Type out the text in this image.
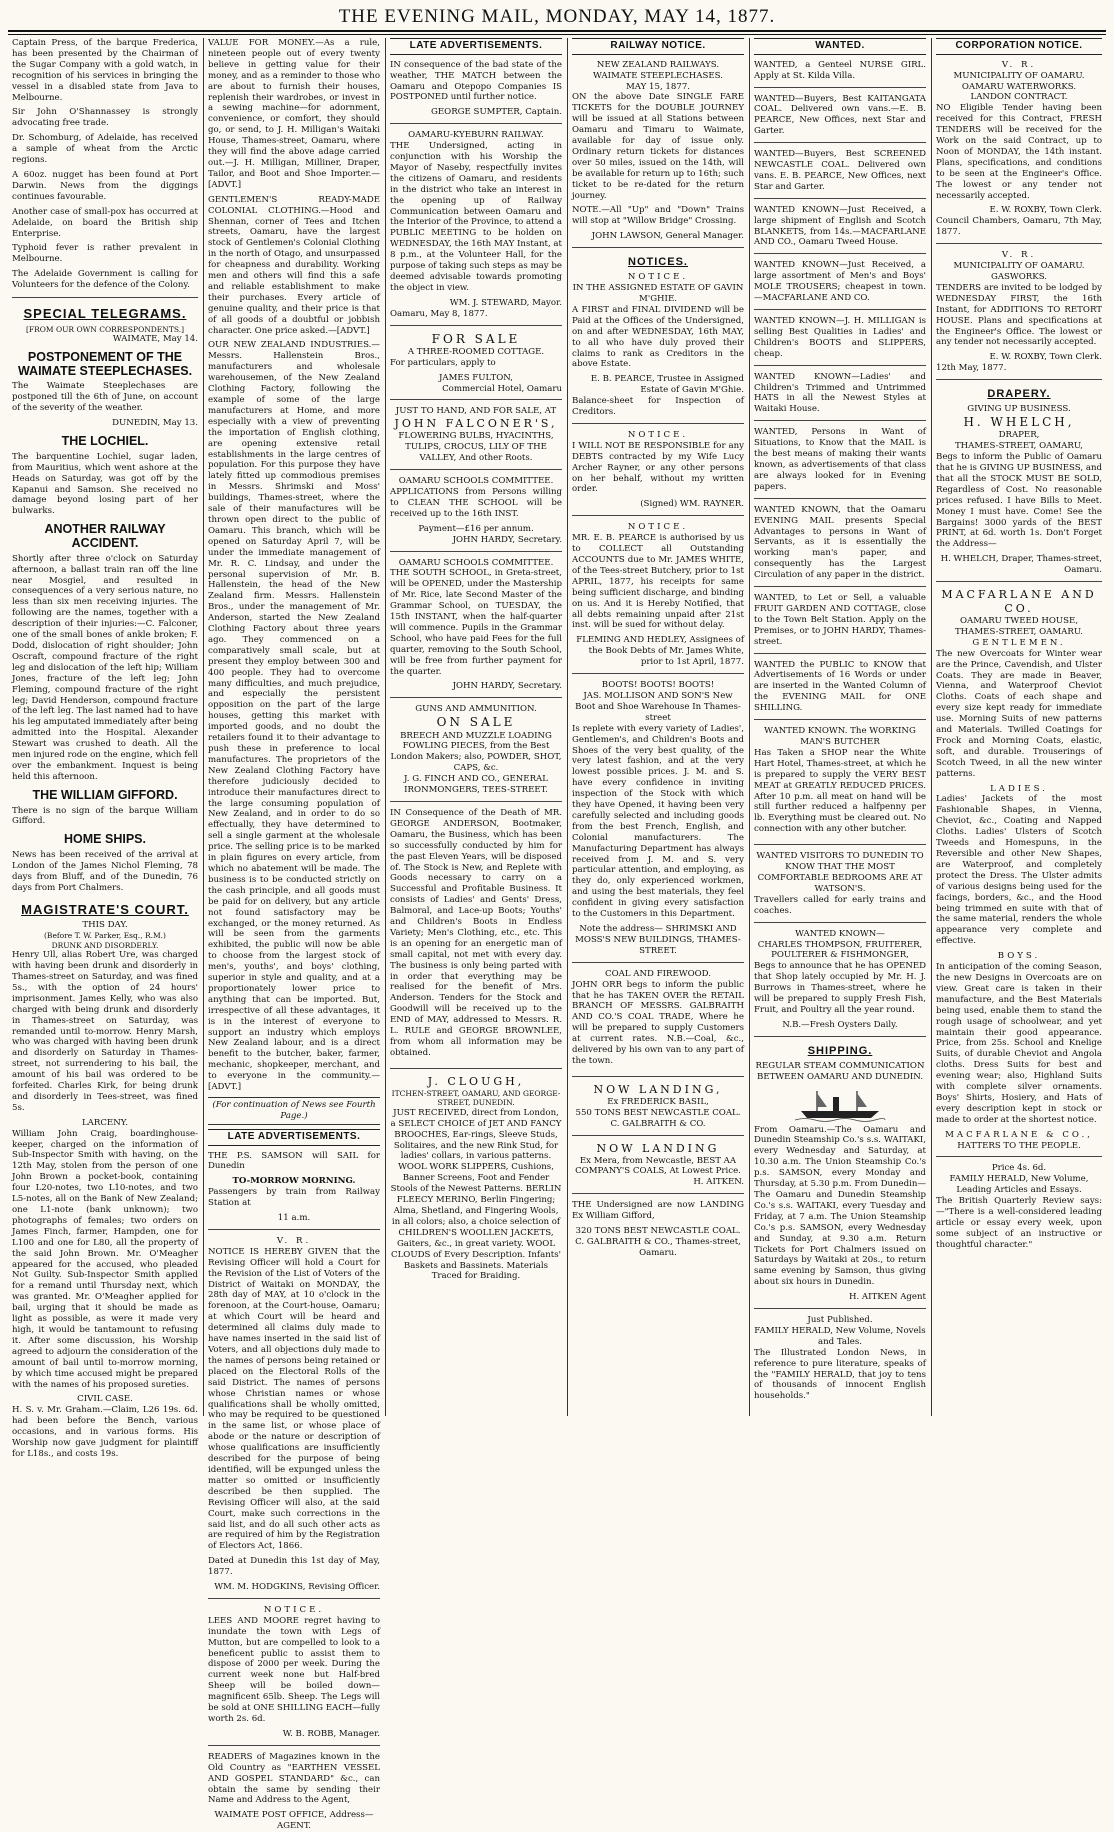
THE EVENING MAIL, MONDAY, MAY 14, 1877.

Captain Press, of the barque Frederica, has been presented by the Chairman of the Sugar Company with a gold watch, in recognition of his services in bringing the vessel in a disabled state from Java to Melbourne.

Sir John O'Shannassey is strongly advocating free trade.

Dr. Schomburg, of Adelaide, has received a sample of wheat from the Arctic regions.

A 60oz. nugget has been found at Port Darwin. News from the diggings continues favourable.

Another case of small-pox has occurred at Adelaide, on board the British ship Enterprise.

Typhoid fever is rather prevalent in Melbourne.

The Adelaide Government is calling for Volunteers for the defence of the Colony.

SPECIAL TELEGRAMS.
[FROM OUR OWN CORRESPONDENTS.]
WAIMATE, May 14.
POSTPONEMENT OF THE WAIMATE STEEPLECHASES.

The Waimate Steeplechases are postponed till the 6th of June, on account of the severity of the weather.

DUNEDIN, May 13.
THE LOCHIEL.

The barquentine Lochiel, sugar laden, from Mauritius, which went ashore at the Heads on Saturday, was got off by the Kapanui and Samson. She received no damage beyond losing part of her bulwarks.

ANOTHER RAILWAY ACCIDENT.

Shortly after three o'clock on Saturday afternoon, a ballast train ran off the line near Mosgiel, and resulted in consequences of a very serious nature, no less than six men receiving injuries. The following are the names, together with a description of their injuries:—C. Falconer, one of the small bones of ankle broken; F. Dodd, dislocation of right shoulder; John Oscraft, compound fracture of the right leg and dislocation of the left hip; William Jones, fracture of the left leg; John Fleming, compound fracture of the right leg; David Henderson, compound fracture of the left leg. The last named had to have his leg amputated immediately after being admitted into the Hospital. Alexander Stewart was crushed to death. All the men injured rode on the engine, which fell over the embankment. Inquest is being held this afternoon.

THE WILLIAM GIFFORD.

There is no sign of the barque William Gifford.

HOME SHIPS.

News has been received of the arrival at London of the James Nichol Fleming, 78 days from Bluff, and of the Dunedin, 76 days from Port Chalmers.

MAGISTRATE'S COURT.
THIS DAY.
(Before T. W. Parker, Esq., R.M.)
DRUNK AND DISORDERLY.

Henry Ull, alias Robert Ure, was charged with having been drunk and disorderly in Thames-street on Saturday, and was fined 5s., with the option of 24 hours' imprisonment. James Kelly, who was also charged with being drunk and disorderly in Thames-street on Saturday, was remanded until to-morrow. Henry Marsh, who was charged with having been drunk and disorderly on Saturday in Thames-street, not surrendering to his bail, the amount of his bail was ordered to be forfeited. Charles Kirk, for being drunk and disorderly in Tees-street, was fined 5s.

LARCENY.

William John Craig, boardinghouse-keeper, charged on the information of Sub-Inspector Smith with having, on the 12th May, stolen from the person of one John Brown a pocket-book, containing four L20-notes, two L10-notes, and two L5-notes, all on the Bank of New Zealand; one L1-note (bank unknown); two photographs of females; two orders on James Finch, farmer, Hampden, one for L100 and one for L80, all the property of the said John Brown. Mr. O'Meagher appeared for the accused, who pleaded Not Guilty. Sub-Inspector Smith applied for a remand until Thursday next, which was granted. Mr. O'Meagher applied for bail, urging that it should be made as light as possible, as were it made very high, it would be tantamount to refusing it. After some discussion, his Worship agreed to adjourn the consideration of the amount of bail until to-morrow morning, by which time accused might be prepared with the names of his proposed sureties.

CIVIL CASE.

H. S. v. Mr. Graham.—Claim, L26 19s. 6d. had been before the Bench, various occasions, and in various forms. His Worship now gave judgment for plaintiff for L18s., and costs 19s.

VALUE FOR MONEY.—As a rule, nineteen people out of every twenty believe in getting value for their money, and as a reminder to those who are about to furnish their houses, replenish their wardrobes, or invest in a sewing machine—for adornment, convenience, or comfort, they should go, or send, to J. H. Milligan's Waitaki House, Thames-street, Oamaru, where they will find the above adage carried out.—J. H. Milligan, Milliner, Draper, Tailor, and Boot and Shoe Importer.—[ADVT.]

GENTLEMEN'S READY-MADE COLONIAL CLOTHING.—Hood and Shennan, corner of Tees and Itchen streets, Oamaru, have the largest stock of Gentlemen's Colonial Clothing in the north of Otago, and unsurpassed for cheapness and durability. Working men and others will find this a safe and reliable establishment to make their purchases. Every article of genuine quality, and their price is that of all goods of a doubtful or jobbish character. One price asked.—[ADVT.]

OUR NEW ZEALAND INDUSTRIES.—Messrs. Hallenstein Bros., manufacturers and wholesale warehousemen, of the New Zealand Clothing Factory, following the example of some of the large manufacturers at Home, and more especially with a view of preventing the importation of English clothing, are opening extensive retail establishments in the large centres of population. For this purpose they have lately fitted up commodious premises in Messrs. Shrimski and Moss' buildings, Thames-street, where the sale of their manufactures will be thrown open direct to the public of Oamaru. This branch, which will be opened on Saturday April 7, will be under the immediate management of Mr. R. C. Lindsay, and under the personal supervision of Mr. B. Hallenstein, the head of the New Zealand firm. Messrs. Hallenstein Bros., under the management of Mr. Anderson, started the New Zealand Clothing Factory about three years ago. They commenced on a comparatively small scale, but at present they employ between 300 and 400 people. They had to overcome many difficulties, and much prejudice, and especially the persistent opposition on the part of the large houses, getting this market with imported goods, and no doubt the retailers found it to their advantage to push these in preference to local manufactures. The proprietors of the New Zealand Clothing Factory have therefore judiciously decided to introduce their manufactures direct to the large consuming population of New Zealand, and in order to do so effectually, they have determined to sell a single garment at the wholesale price. The selling price is to be marked in plain figures on every article, from which no abatement will be made. The business is to be conducted strictly on the cash principle, and all goods must be paid for on delivery, but any article not found satisfactory may be exchanged, or the money returned. As will be seen from the garments exhibited, the public will now be able to choose from the largest stock of men's, youths', and boys' clothing, superior in style and quality, and at a proportionately lower price to anything that can be imported. But, irrespective of all these advantages, it is in the interest of everyone to support an industry which employs New Zealand labour, and is a direct benefit to the butcher, baker, farmer, mechanic, shopkeeper, merchant, and to everyone in the community.—[ADVT.]

(For continuation of News see Fourth Page.)
LATE ADVERTISEMENTS.

THE P.S. SAMSON will SAIL for Dunedin

TO-MORROW MORNING.

Passengers by train from Railway Station at

11 a.m.
V. R.

NOTICE IS HEREBY GIVEN that the Revising Officer will hold a Court for the Revision of the List of Voters of the District of Waitaki on MONDAY, the 28th day of MAY, at 10 o'clock in the forenoon, at the Court-house, Oamaru; at which Court will be heard and determined all claims duly made to have names inserted in the said list of Voters, and all objections duly made to the names of persons being retained or placed on the Electoral Rolls of the said District. The names of persons whose Christian names or whose qualifications shall be wholly omitted, who may be required to be questioned in the same list, or whose place of abode or the nature or description of whose qualifications are insufficiently described for the purpose of being identified, will be expunged unless the matter so omitted or insufficiently described be then supplied. The Revising Officer will also, at the said Court, make such corrections in the said list, and do all such other acts as are required of him by the Registration of Electors Act, 1866.

Dated at Dunedin this 1st day of May, 1877.

WM. M. HODGKINS, Revising Officer.
NOTICE.

LEES AND MOORE regret having to inundate the town with Legs of Mutton, but are compelled to look to a beneficent public to assist them to dispose of 2000 per week. During the current week none but Half-bred Sheep will be boiled down—magnificent 65lb. Sheep. The Legs will be sold at ONE SHILLING EACH—fully worth 2s. 6d.

W. B. ROBB, Manager.

READERS of Magazines known in the Old Country as "EARTHEN VESSEL AND GOSPEL STANDARD" &c., can obtain the same by sending their Name and Address to the Agent,

WAIMATE POST OFFICE, Address—AGENT.
LATE ADVERTISEMENTS.

IN consequence of the bad state of the weather, THE MATCH between the Oamaru and Otepopo Companies IS POSTPONED until further notice.

GEORGE SUMPTER, Captain.
OAMARU-KYEBURN RAILWAY.

THE Undersigned, acting in conjunction with his Worship the Mayor of Naseby, respectfully invites the citizens of Oamaru, and residents in the district who take an interest in the opening up of Railway Communication between Oamaru and the Interior of the Province, to attend a PUBLIC MEETING to be holden on WEDNESDAY, the 16th MAY Instant, at 8 p.m., at the Volunteer Hall, for the purpose of taking such steps as may be deemed advisable towards promoting the object in view.

WM. J. STEWARD, Mayor.
Oamaru, May 8, 1877.
FOR SALE
A THREE-ROOMED COTTAGE.

For particulars, apply to

JAMES FULTON,
Commercial Hotel, Oamaru
JUST TO HAND, AND FOR SALE, AT
JOHN FALCONER'S,
FLOWERING BULBS, HYACINTHS, TULIPS, CROCUS, LILY OF THE VALLEY, And other Roots.
OAMARU SCHOOLS COMMITTEE.

APPLICATIONS from Persons willing to CLEAN THE SCHOOL will be received up to the 16th INST.

Payment—£16 per annum.
JOHN HARDY, Secretary.
OAMARU SCHOOLS COMMITTEE.

THE SOUTH SCHOOL, in Greta-street, will be OPENED, under the Mastership of Mr. Rice, late Second Master of the Grammar School, on TUESDAY, the 15th INSTANT, when the half-quarter will commence. Pupils in the Grammar School, who have paid Fees for the full quarter, removing to the South School, will be free from further payment for the quarter.

JOHN HARDY, Secretary.
GUNS AND AMMUNITION.
ON SALE
BREECH AND MUZZLE LOADING FOWLING PIECES, from the Best London Makers; also, POWDER, SHOT, CAPS, &c.
J. G. FINCH AND CO., GENERAL IRONMONGERS, TEES-STREET.

IN Consequence of the Death of MR. GEORGE ANDERSON, Bootmaker, Oamaru, the Business, which has been so successfully conducted by him for the past Eleven Years, will be disposed of. The Stock is New, and Replete with Goods necessary to carry on a Successful and Profitable Business. It consists of Ladies' and Gents' Dress, Balmoral, and Lace-up Boots; Youths' and Children's Boots in Endless Variety; Men's Clothing, etc., etc. This is an opening for an energetic man of small capital, not met with every day. The business is only being parted with in order that everything may be realised for the benefit of Mrs. Anderson. Tenders for the Stock and Goodwill will be received up to the END of MAY, addressed to Messrs. R. L. RULE and GEORGE BROWNLEE, from whom all information may be obtained.

J. CLOUGH,
ITCHEN-STREET, OAMARU, AND GEORGE-STREET, DUNEDIN.

JUST RECEIVED, direct from London, a SELECT CHOICE of JET AND FANCY BROOCHES, Ear-rings, Sleeve Studs, Solitaires, and the new Rink Stud, for ladies' collars, in various patterns. WOOL WORK SLIPPERS, Cushions, Banner Screens, Foot and Fender Stools of the Newest Patterns. BERLIN FLEECY MERINO, Berlin Fingering; Alma, Shetland, and Fingering Wools, in all colors; also, a choice selection of CHILDREN'S WOOLLEN JACKETS, Gaiters, &c., in great variety. WOOL CLOUDS of Every Description. Infants' Baskets and Bassinets. Materials Traced for Braiding.

RAILWAY NOTICE.
NEW ZEALAND RAILWAYS.
WAIMATE STEEPLECHASES.
MAY 15, 1877.

ON the above Date SINGLE FARE TICKETS for the DOUBLE JOURNEY will be issued at all Stations between Oamaru and Timaru to Waimate, available for day of issue only. Ordinary return tickets for distances over 50 miles, issued on the 14th, will be available for return up to 16th; such ticket to be re-dated for the return journey.

NOTE.—All "Up" and "Down" Trains will stop at "Willow Bridge" Crossing.

JOHN LAWSON, General Manager.
NOTICES.
NOTICE.
IN THE ASSIGNED ESTATE OF GAVIN M'GHIE.

A FIRST and FINAL DIVIDEND will be Paid at the Offices of the Undersigned, on and after WEDNESDAY, 16th MAY, to all who have duly proved their claims to rank as Creditors in the above Estate.

E. B. PEARCE, Trustee in Assigned Estate of Gavin M'Ghie.
Balance-sheet for Inspection of Creditors.
NOTICE.

I WILL NOT BE RESPONSIBLE for any DEBTS contracted by my Wife Lucy Archer Rayner, or any other persons on her behalf, without my written order.

(Signed) WM. RAYNER.
NOTICE.

MR. E. B. PEARCE is authorised by us to COLLECT all Outstanding ACCOUNTS due to Mr. JAMES WHITE, of the Tees-street Butchery, prior to 1st APRIL, 1877, his receipts for same being sufficient discharge, and binding on us. And it is Hereby Notified, that all debts remaining unpaid after 21st inst. will be sued for without delay.

FLEMING AND HEDLEY, Assignees of the Book Debts of Mr. James White, prior to 1st April, 1877.
BOOTS! BOOTS! BOOTS!
JAS. MOLLISON AND SON'S New Boot and Shoe Warehouse In Thames-street

Is replete with every variety of Ladies', Gentlemen's, and Children's Boots and Shoes of the very best quality, of the very latest fashion, and at the very lowest possible prices. J. M. and S. have every confidence in inviting inspection of the Stock with which they have Opened, it having been very carefully selected and including goods from the best French, English, and Colonial manufacturers. The Manufacturing Department has always received from J. M. and S. very particular attention, and employing, as they do, only experienced workmen, and using the best materials, they feel confident in giving every satisfaction to the Customers in this Department.

Note the address— SHRIMSKI AND MOSS'S NEW BUILDINGS, THAMES-STREET.
COAL AND FIREWOOD.

JOHN ORR begs to inform the public that he has TAKEN OVER the RETAIL BRANCH OF MESSRS. GALBRAITH AND CO.'S COAL TRADE, Where he will be prepared to supply Customers at current rates. N.B.—Coal, &c., delivered by his own van to any part of the town.

NOW LANDING,
Ex FREDERICK BASIL,
550 TONS BEST NEWCASTLE COAL.
C. GALBRAITH & CO.
NOW LANDING
Ex Mera, from Newcastle, BEST AA COMPANY'S COALS, At Lowest Price.
H. AITKEN.

THE Undersigned are now LANDING Ex William Gifford,

320 TONS BEST NEWCASTLE COAL.
C. GALBRAITH & CO., Thames-street, Oamaru.
WANTED.
WANTED, a Genteel NURSE GIRL. Apply at St. Kilda Villa.
WANTED—Buyers, Best KAITANGATA COAL. Delivered own vans.—E. B. PEARCE, New Offices, next Star and Garter.
WANTED—Buyers, Best SCREENED NEWCASTLE COAL. Delivered own vans. E. B. PEARCE, New Offices, next Star and Garter.
WANTED KNOWN—Just Received, a large shipment of English and Scotch BLANKETS, from 14s.—MACFARLANE AND CO., Oamaru Tweed House.
WANTED KNOWN—Just Received, a large assortment of Men's and Boys' MOLE TROUSERS; cheapest in town.—MACFARLANE AND CO.
WANTED KNOWN—J. H. MILLIGAN is selling Best Qualities in Ladies' and Children's BOOTS and SLIPPERS, cheap.
WANTED KNOWN—Ladies' and Children's Trimmed and Untrimmed HATS in all the Newest Styles at Waitaki House.
WANTED, Persons in Want of Situations, to Know that the MAIL is the best means of making their wants known, as advertisements of that class are always looked for in Evening papers.
WANTED KNOWN, that the Oamaru EVENING MAIL presents Special Advantages to persons in Want of Servants, as it is essentially the working man's paper, and consequently has the Largest Circulation of any paper in the district.
WANTED, to Let or Sell, a valuable FRUIT GARDEN AND COTTAGE, close to the Town Belt Station. Apply on the Premises, or to JOHN HARDY, Thames-street.
WANTED the PUBLIC to KNOW that Advertisements of 16 Words or under are inserted in the Wanted Column of the EVENING MAIL for ONE SHILLING.
WANTED KNOWN. The WORKING MAN'S BUTCHER

Has Taken a SHOP near the White Hart Hotel, Thames-street, at which he is prepared to supply the VERY BEST MEAT at GREATLY REDUCED PRICES. After 10 p.m. all meat on hand will be still further reduced a halfpenny per lb. Everything must be cleared out. No connection with any other butcher.

WANTED VISITORS TO DUNEDIN TO KNOW THAT THE MOST COMFORTABLE BEDROOMS ARE AT WATSON'S.
Travellers called for early trains and coaches.
WANTED KNOWN—
CHARLES THOMPSON, FRUITERER, POULTERER & FISHMONGER,

Begs to announce that he has OPENED that Shop lately occupied by Mr. H. J. Burrows in Thames-street, where he will be prepared to supply Fresh Fish, Fruit, and Poultry all the year round.

N.B.—Fresh Oysters Daily.
SHIPPING.
REGULAR STEAM COMMUNICATION BETWEEN OAMARU AND DUNEDIN.

From Oamaru.—The Oamaru and Dunedin Steamship Co.'s s.s. WAITAKI, every Wednesday and Saturday, at 10.30 a.m. The Union Steamship Co.'s p.s. SAMSON, every Monday and Thursday, at 5.30 p.m. From Dunedin—The Oamaru and Dunedin Steamship Co.'s s.s. WAITAKI, every Tuesday and Friday, at 7 a.m. The Union Steamship Co.'s p.s. SAMSON, every Wednesday and Sunday, at 9.30 a.m. Return Tickets for Port Chalmers issued on Saturdays by Waitaki at 20s., to return same evening by Samson, thus giving about six hours in Dunedin.

H. AITKEN Agent
Just Published.
FAMILY HERALD, New Volume, Novels and Tales.

The Illustrated London News, in reference to pure literature, speaks of the "FAMILY HERALD, that joy to tens of thousands of innocent English households."

CORPORATION NOTICE.
V. R.
MUNICIPALITY OF OAMARU.
OAMARU WATERWORKS.
LANDON CONTRACT.

NO Eligible Tender having been received for this Contract, FRESH TENDERS will be received for the Work on the said Contract, up to Noon of MONDAY, the 14th instant. Plans, specifications, and conditions to be seen at the Engineer's Office. The lowest or any tender not necessarily accepted.

E. W. ROXBY, Town Clerk.
Council Chambers, Oamaru, 7th May, 1877.
V. R.
MUNICIPALITY OF OAMARU.
GASWORKS.

TENDERS are invited to be lodged by WEDNESDAY FIRST, the 16th Instant, for ADDITIONS TO RETORT HOUSE. Plans and specifications at the Engineer's Office. The lowest or any tender not necessarily accepted.

E. W. ROXBY, Town Clerk.
12th May, 1877.
DRAPERY.
GIVING UP BUSINESS.
H. WHELCH,
DRAPER,
THAMES-STREET, OAMARU,

Begs to inform the Public of Oamaru that he is GIVING UP BUSINESS, and that all the STOCK MUST BE SOLD, Regardless of Cost. No reasonable prices refused. I have Bills to Meet. Money I must have. Come! See the Bargains! 3000 yards of the BEST PRINT, at 6d. worth 1s. Don't Forget the Address—

H. WHELCH, Draper, Thames-street, Oamaru.
MACFARLANE AND CO.
OAMARU TWEED HOUSE,
THAMES-STREET, OAMARU.
GENTLEMEN.

The new Overcoats for Winter wear are the Prince, Cavendish, and Ulster Coats. They are made in Beaver, Vienna, and Waterproof Cheviot Cloths. Coats of each shape and every size kept ready for immediate use. Morning Suits of new patterns and Materials. Twilled Coatings for Frock and Morning Coats, elastic, soft, and durable. Trouserings of Scotch Tweed, in all the new winter patterns.

LADIES.

Ladies' Jackets of the most Fashionable Shapes, in Vienna, Cheviot, &c., Coating and Napped Cloths. Ladies' Ulsters of Scotch Tweeds and Homespuns, in the Reversible and other New Shapes, are Waterproof, and completely protect the Dress. The Ulster admits of various designs being used for the facings, borders, &c., and the Hood being trimmed en suite with that of the same material, renders the whole appearance very complete and effective.

BOYS.

In anticipation of the coming Season, the new Designs in Overcoats are on view. Great care is taken in their manufacture, and the Best Materials being used, enable them to stand the rough usage of schoolwear, and yet maintain their good appearance. Price, from 25s. School and Knelige Suits, of durable Cheviot and Angola cloths. Dress Suits for best and evening wear; also, Highland Suits with complete silver ornaments. Boys' Shirts, Hosiery, and Hats of every description kept in stock or made to order at the shortest notice.

MACFARLANE & CO.,
HATTERS TO THE PEOPLE.
Price 4s. 6d.
FAMILY HERALD, New Volume, Leading Articles and Essays.

The British Quarterly Review says:—"There is a well-considered leading article or essay every week, upon some subject of an instructive or thoughtful character."
